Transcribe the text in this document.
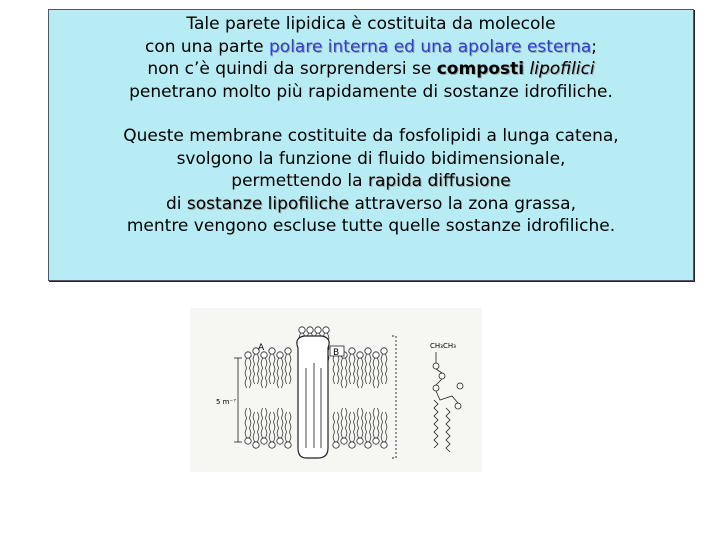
Tale parete lipidica è costituita da molecole
con una parte polare interna ed una apolare esterna;
non c’è quindi da sorprendersi se composti lipofilici
penetrano molto più rapidamente di sostanze idrofiliche.
Queste membrane costituite da fosfolipidi a lunga catena,
svolgono la funzione di fluido bidimensionale,
permettendo la rapida diffusione
di sostanze lipofiliche attraverso la zona grassa,
mentre vengono escluse tutte quelle sostanze idrofiliche.
B
A
5 m⁻⁷
CH₃CH₃
